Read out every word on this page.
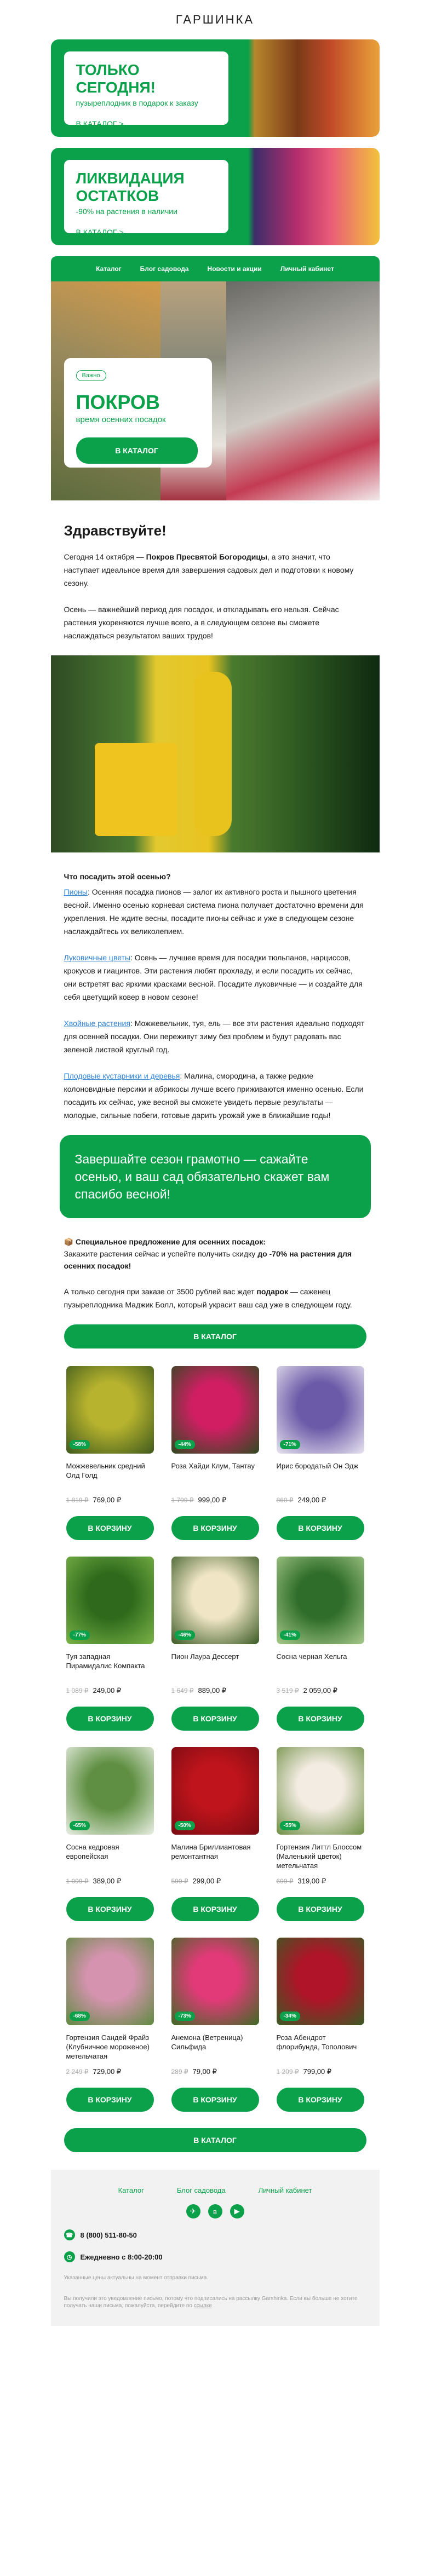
ГАРШИНКА
ТОЛЬКО СЕГОДНЯ!
пузыреплодник в подарок к заказу
В КАТАЛОГ >
ЛИКВИДАЦИЯ ОСТАТКОВ
-90% на растения в наличии
В КАТАЛОГ >
Каталог	Блог садовода	Новости и акции	Личный кабинет
Важно
ПОКРОВ
время осенних посадок
В КАТАЛОГ
Здравствуйте!

Сегодня 14 октября — Покров Пресвятой Богородицы, а это значит, что наступает идеальное время для завершения садовых дел и подготовки к новому сезону.

Осень — важнейший период для посадок, и откладывать его нельзя. Сейчас растения укореняются лучше всего, а в следующем сезоне вы сможете наслаждаться результатом ваших трудов!

Что посадить этой осенью?

Пионы: Осенняя посадка пионов — залог их активного роста и пышного цветения весной. Именно осенью корневая система пиона получает достаточно времени для укрепления. Не ждите весны, посадите пионы сейчас и уже в следующем сезоне наслаждайтесь их великолепием.

Луковичные цветы: Осень — лучшее время для посадки тюльпанов, нарциссов, крокусов и гиацинтов. Эти растения любят прохладу, и если посадить их сейчас, они встретят вас яркими красками весной. Посадите луковичные — и создайте для себя цветущий ковер в новом сезоне!

Хвойные растения: Можжевельник, туя, ель — все эти растения идеально подходят для осенней посадки. Они переживут зиму без проблем и будут радовать вас зеленой листвой круглый год.

Плодовые кустарники и деревья: Малина, смородина, а также редкие колоновидные персики и абрикосы лучше всего приживаются именно осенью. Если посадить их сейчас, уже весной вы сможете увидеть первые результаты — молодые, сильные побеги, готовые дарить урожай уже в ближайшие годы!

Завершайте сезон грамотно — сажайте осенью, и ваш сад обязательно скажет вам спасибо весной!
📦 Специальное предложение для осенних посадок:
Закажите растения сейчас и успейте получить скидку до -70% на растения для осенних посадок!

А только сегодня при заказе от 3500 рублей вас ждет подарок — саженец пузыреплодника Маджик Болл, который украсит ваш сад уже в следующем году.

В КАТАЛОГ
-58%
Можжевельник средний Олд Голд
1 819 ₽ 769,00 ₽
В КОРЗИНУ
-44%
Роза Хайди Клум, Тантау
1 799 ₽ 999,00 ₽
В КОРЗИНУ
-71%
Ирис бородатый Он Эдж
860 ₽ 249,00 ₽
В КОРЗИНУ
-77%
Туя западная Пирамидалис Компакта
1 089 ₽ 249,00 ₽
В КОРЗИНУ
-46%
Пион Лаура Дессерт
1 649 ₽ 889,00 ₽
В КОРЗИНУ
-41%
Сосна черная Хельга
3 519 ₽ 2 059,00 ₽
В КОРЗИНУ
-65%
Сосна кедровая европейская
1 099 ₽ 389,00 ₽
В КОРЗИНУ
-50%
Малина Бриллиантовая ремонтантная
599 ₽ 299,00 ₽
В КОРЗИНУ
-55%
Гортензия Литтл Блоссом (Маленький цветок) метельчатая
699 ₽ 319,00 ₽
В КОРЗИНУ
-68%
Гортензия Сандей Фрайз (Клубничное мороженое) метельчатая
2 249 ₽ 729,00 ₽
В КОРЗИНУ
-73%
Анемона (Ветреница) Сильфида
289 ₽ 79,00 ₽
В КОРЗИНУ
-34%
Роза Абендрот флорибунда, Тополович
1 209 ₽ 799,00 ₽
В КОРЗИНУ
В КАТАЛОГ
Каталог	Блог садовода	Личный кабинет
✈	в	▶
☎ 8 (800) 511-80-50
◷	Ежедневно с 8:00-20:00
Указанные цены актуальны на момент отправки письма.
Вы получили это уведомление письмо, потому что подписались на рассылку Garshinka. Если вы больше не хотите получать наши письма, пожалуйста, перейдите по ссылке
